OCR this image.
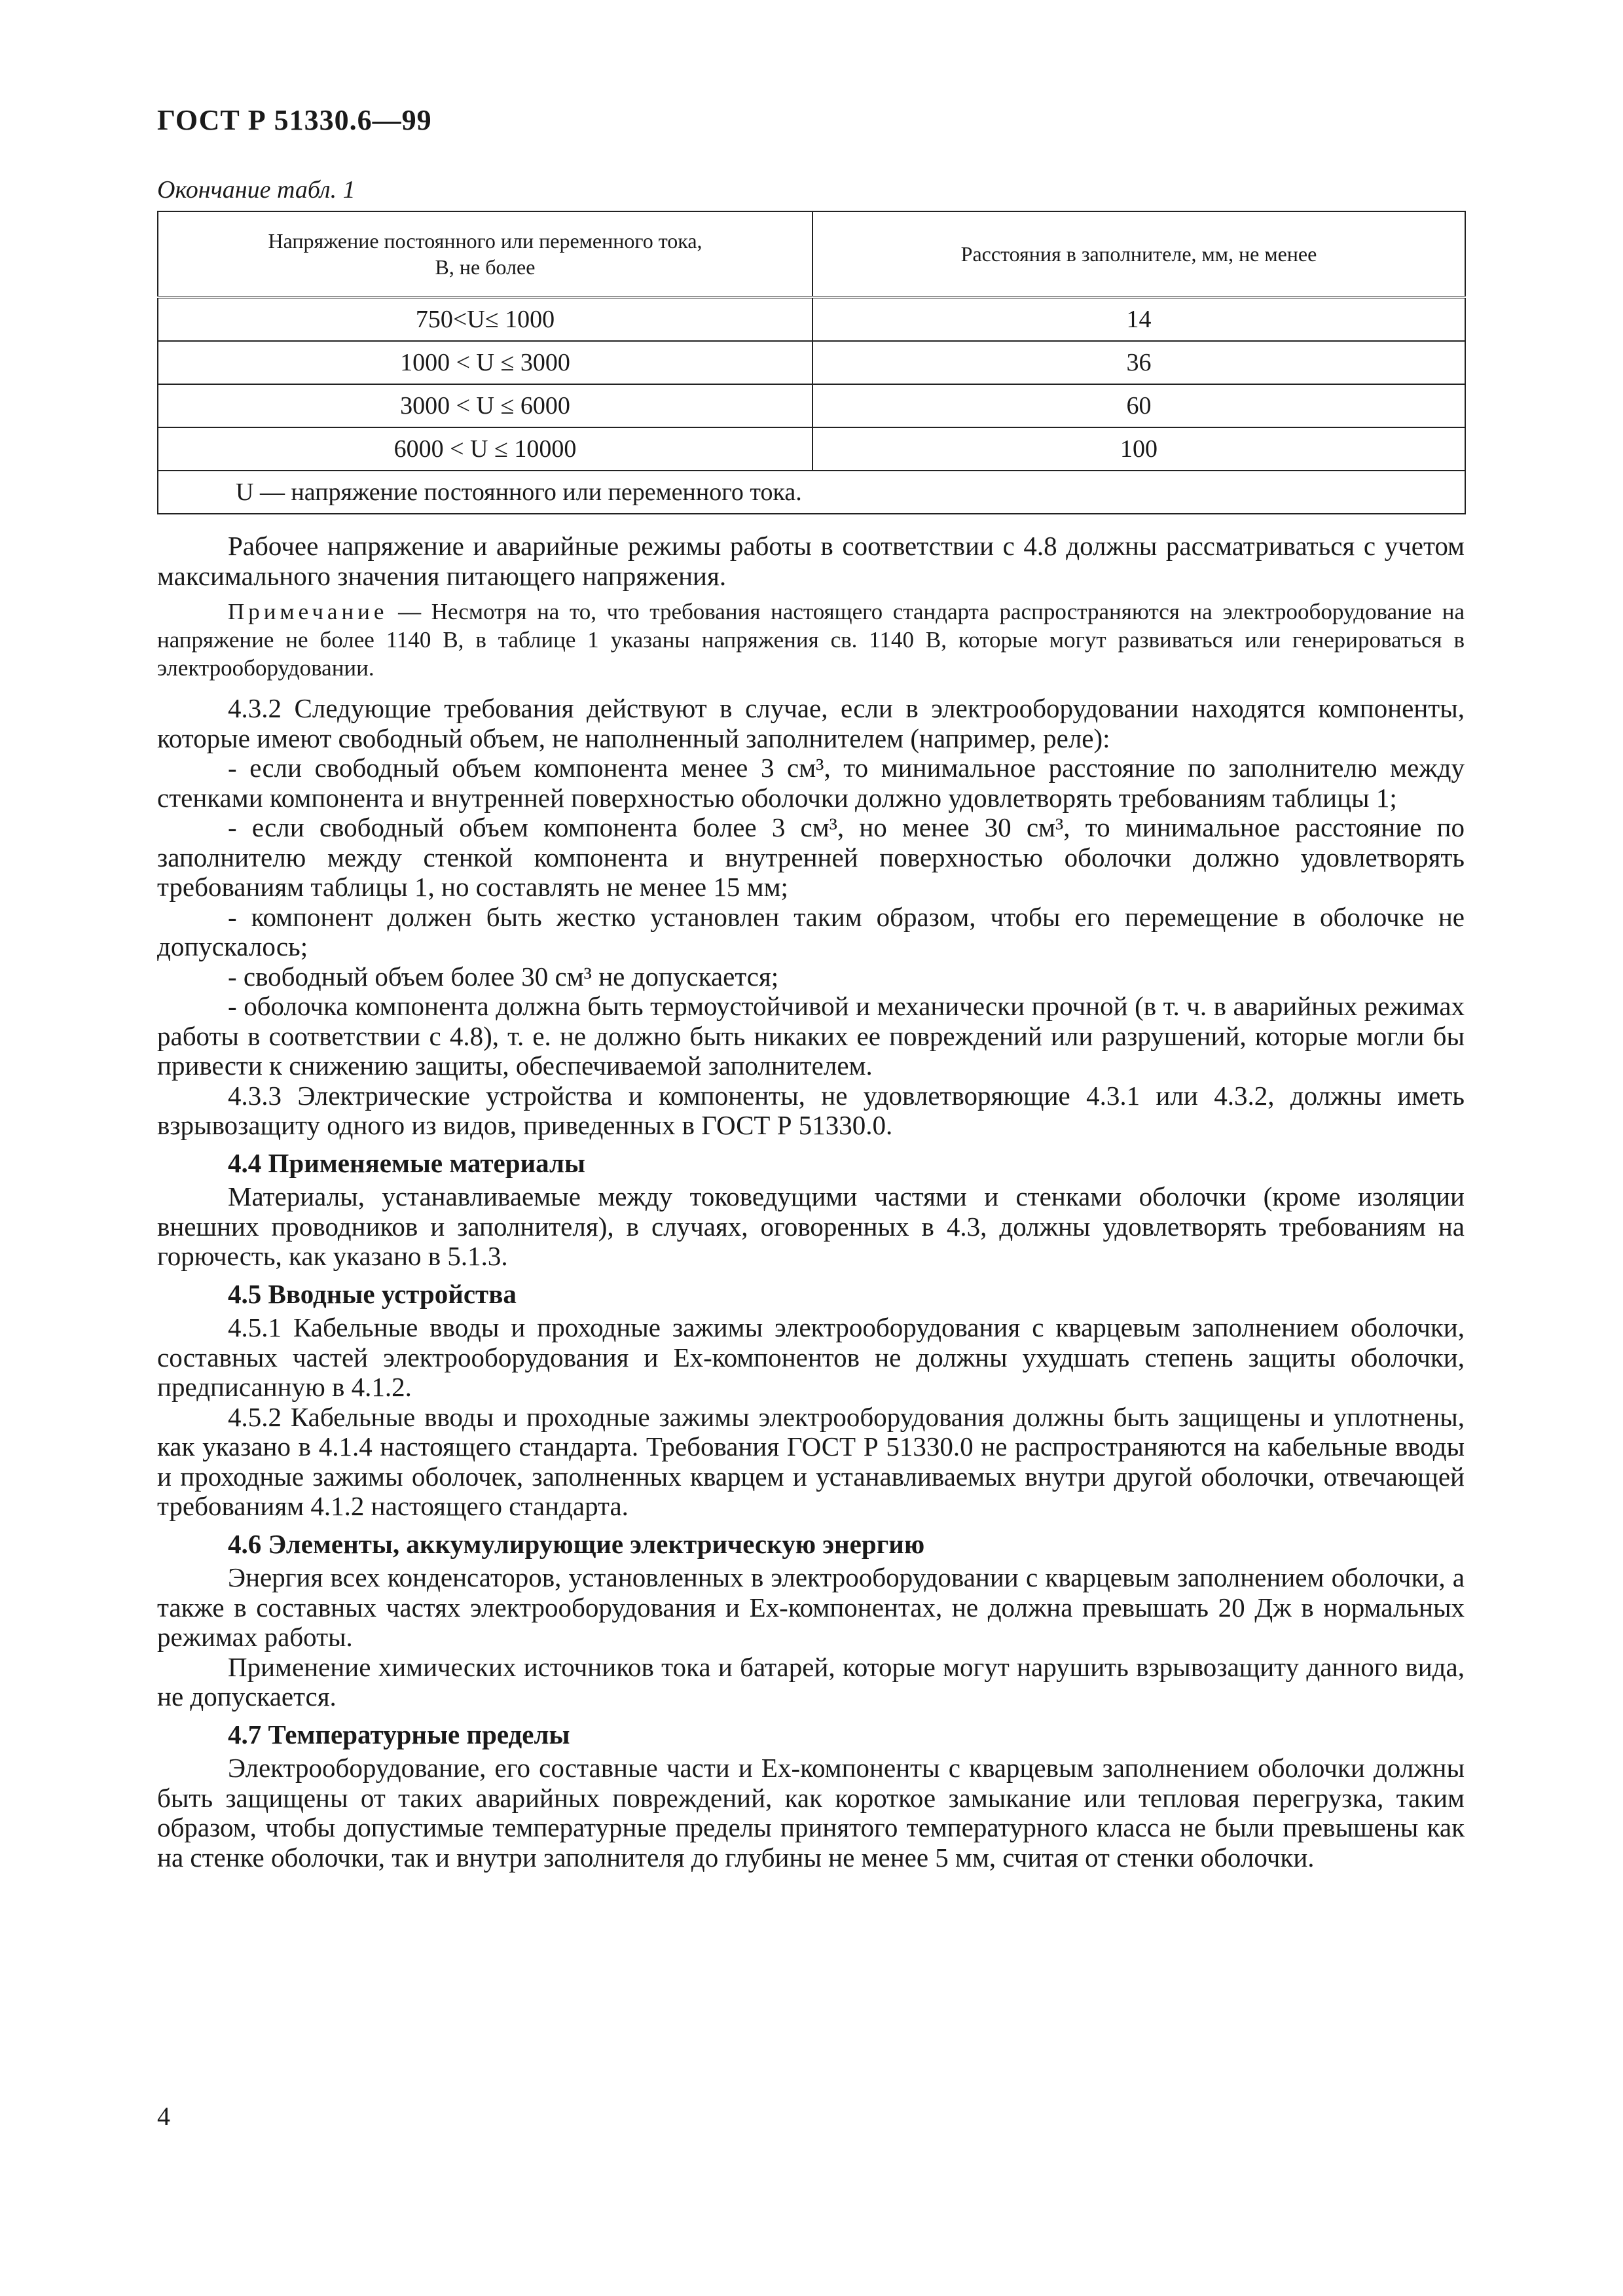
ГОСТ Р 51330.6—99
Окончание табл. 1
Напряжение постоянного или переменного тока, В, не более	Расстояния в заполнителе, мм, не менее
750<U≤ 1000	14
1000 < U ≤ 3000	36
3000 < U ≤ 6000	60
6000 < U ≤ 10000	100
U — напряжение постоянного или переменного тока.	

Рабочее напряжение и аварийные режимы работы в соответствии с 4.8 должны рассматриваться с учетом максимального значения питающего напряжения.

Примечание — Несмотря на то, что требования настоящего стандарта распространяются на электрооборудование на напряжение не более 1140 В, в таблице 1 указаны напряжения св. 1140 В, которые могут развиваться или генерироваться в электрооборудовании.

4.3.2 Следующие требования действуют в случае, если в электрооборудовании находятся компоненты, которые имеют свободный объем, не наполненный заполнителем (например, реле):

- если свободный объем компонента менее 3 см³, то минимальное расстояние по заполнителю между стенками компонента и внутренней поверхностью оболочки должно удовлетворять требованиям таблицы 1;

- если свободный объем компонента более 3 см³, но менее 30 см³, то минимальное расстояние по заполнителю между стенкой компонента и внутренней поверхностью оболочки должно удовлетворять требованиям таблицы 1, но составлять не менее 15 мм;

- компонент должен быть жестко установлен таким образом, чтобы его перемещение в оболочке не допускалось;

- свободный объем более 30 см³ не допускается;

- оболочка компонента должна быть термоустойчивой и механически прочной (в т. ч. в аварийных режимах работы в соответствии с 4.8), т. е. не должно быть никаких ее повреждений или разрушений, которые могли бы привести к снижению защиты, обеспечиваемой заполнителем.

4.3.3 Электрические устройства и компоненты, не удовлетворяющие 4.3.1 или 4.3.2, должны иметь взрывозащиту одного из видов, приведенных в ГОСТ Р 51330.0.

4.4 Применяемые материалы

Материалы, устанавливаемые между токоведущими частями и стенками оболочки (кроме изоляции внешних проводников и заполнителя), в случаях, оговоренных в 4.3, должны удовлетворять требованиям на горючесть, как указано в 5.1.3.

4.5 Вводные устройства

4.5.1 Кабельные вводы и проходные зажимы электрооборудования с кварцевым заполнением оболочки, составных частей электрооборудования и Ex-компонентов не должны ухудшать степень защиты оболочки, предписанную в 4.1.2.

4.5.2 Кабельные вводы и проходные зажимы электрооборудования должны быть защищены и уплотнены, как указано в 4.1.4 настоящего стандарта. Требования ГОСТ Р 51330.0 не распространяются на кабельные вводы и проходные зажимы оболочек, заполненных кварцем и устанавливаемых внутри другой оболочки, отвечающей требованиям 4.1.2 настоящего стандарта.

4.6 Элементы, аккумулирующие электрическую энергию

Энергия всех конденсаторов, установленных в электрооборудовании с кварцевым заполнением оболочки, а также в составных частях электрооборудования и Ex-компонентах, не должна превышать 20 Дж в нормальных режимах работы.

Применение химических источников тока и батарей, которые могут нарушить взрывозащиту данного вида, не допускается.

4.7 Температурные пределы

Электрооборудование, его составные части и Ex-компоненты с кварцевым заполнением оболочки должны быть защищены от таких аварийных повреждений, как короткое замыкание или тепловая перегрузка, таким образом, чтобы допустимые температурные пределы принятого температурного класса не были превышены как на стенке оболочки, так и внутри заполнителя до глубины не менее 5 мм, считая от стенки оболочки.

4
